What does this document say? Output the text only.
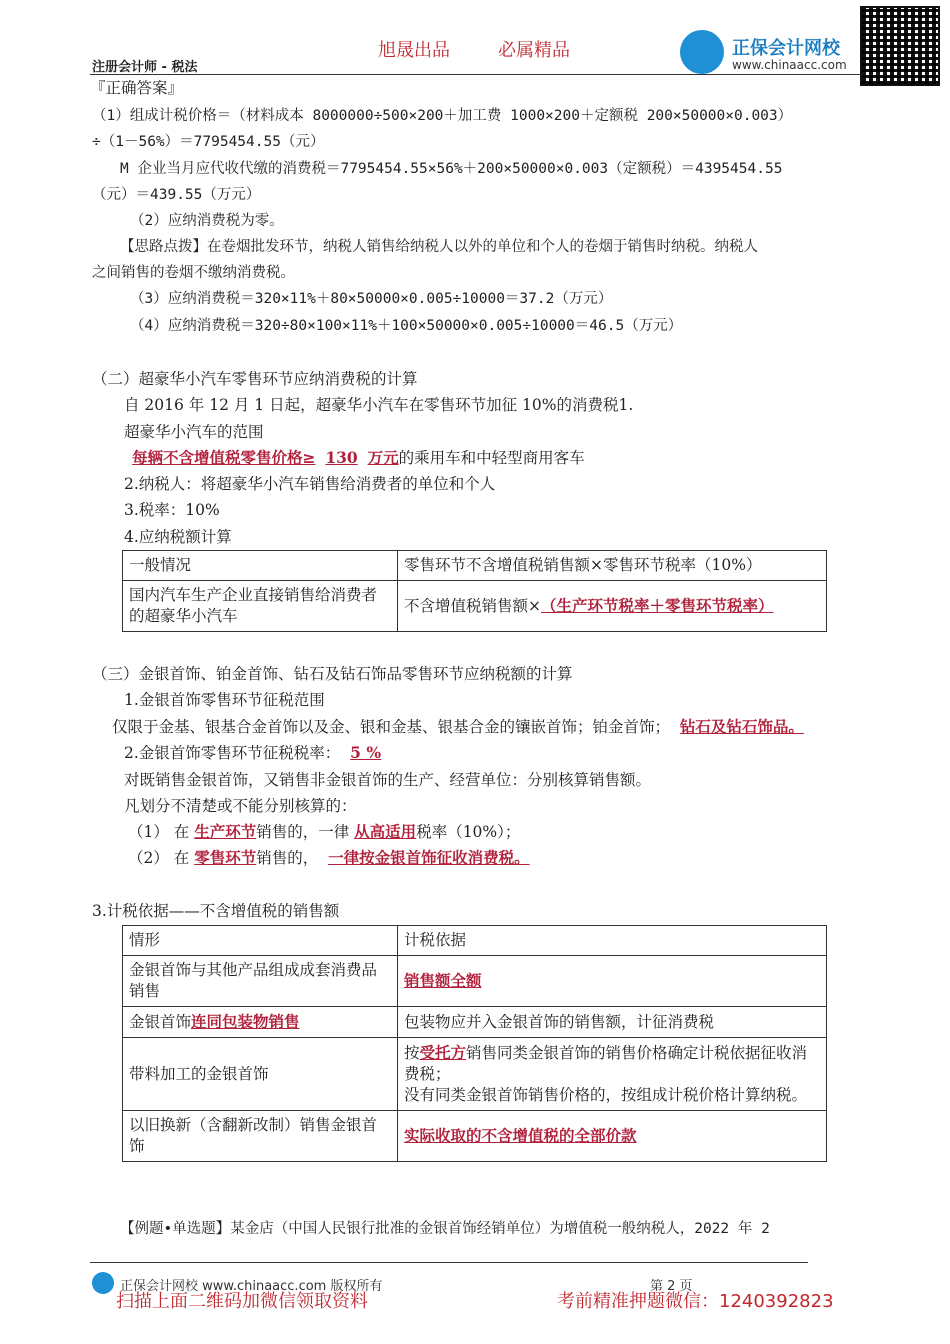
旭晟出品	必属精品
注册会计师 - 税法
正保会计网校
www.chinaacc.com
『正确答案』
（1）组成计税价格＝（材料成本 8000000÷500×200＋加工费 1000×200＋定额税 200×50000×0.003）
÷（1－56%）＝7795454.55（元）
M 企业当月应代收代缴的消费税＝7795454.55×56%＋200×50000×0.003（定额税）＝4395454.55
（元）＝439.55（万元）
（2）应纳消费税为零。
【思路点拨】在卷烟批发环节，纳税人销售给纳税人以外的单位和个人的卷烟于销售时纳税。纳税人
之间销售的卷烟不缴纳消费税。
（3）应纳消费税＝320×11%＋80×50000×0.005÷10000＝37.2（万元）
（4）应纳消费税＝320÷80×100×11%＋100×50000×0.005÷10000＝46.5（万元）
（二）超豪华小汽车零售环节应纳消费税的计算
自 2016 年 12 月 1 日起，超豪华小汽车在零售环节加征 10%的消费税1.
超豪华小汽车的范围
每辆不含增值税零售价格≥ 130 万元的乘用车和中轻型商用客车
2.纳税人：将超豪华小汽车销售给消费者的单位和个人
3.税率：10%
4.应纳税额计算
一般情况	零售环节不含增值税销售额×零售环节税率（10%）
国内汽车生产企业直接销售给消费者的超豪华小汽车	不含增值税销售额×（生产环节税率＋零售环节税率）
（三）金银首饰、铂金首饰、钻石及钻石饰品零售环节应纳税额的计算
1.金银首饰零售环节征税范围
仅限于金基、银基合金首饰以及金、银和金基、银基合金的镶嵌首饰；铂金首饰； 钻石及钻石饰品。
2.金银首饰零售环节征税税率： 5 %
对既销售金银首饰，又销售非金银首饰的生产、经营单位：分别核算销售额。
凡划分不清楚或不能分别核算的：
（1） 在 生产环节销售的，一律 从高适用税率（10%）；
（2） 在 零售环节销售的， 一律按金银首饰征收消费税。
3.计税依据——不含增值税的销售额
情形	计税依据
金银首饰与其他产品组成成套消费品销售	销售额全额
金银首饰连同包装物销售	包装物应并入金银首饰的销售额，计征消费税
带料加工的金银首饰	按受托方销售同类金银首饰的销售价格确定计税依据征收消费税；
没有同类金银首饰销售价格的，按组成计税价格计算纳税。
以旧换新（含翻新改制）销售金银首饰	实际收取的不含增值税的全部价款
【例题•单选题】某金店（中国人民银行批准的金银首饰经销单位）为增值税一般纳税人，2022 年 2
正保会计网校 www.chinaacc.com 版权所有	第 2 页
扫描上面二维码加微信领取资料	考前精准押题微信：1240392823
